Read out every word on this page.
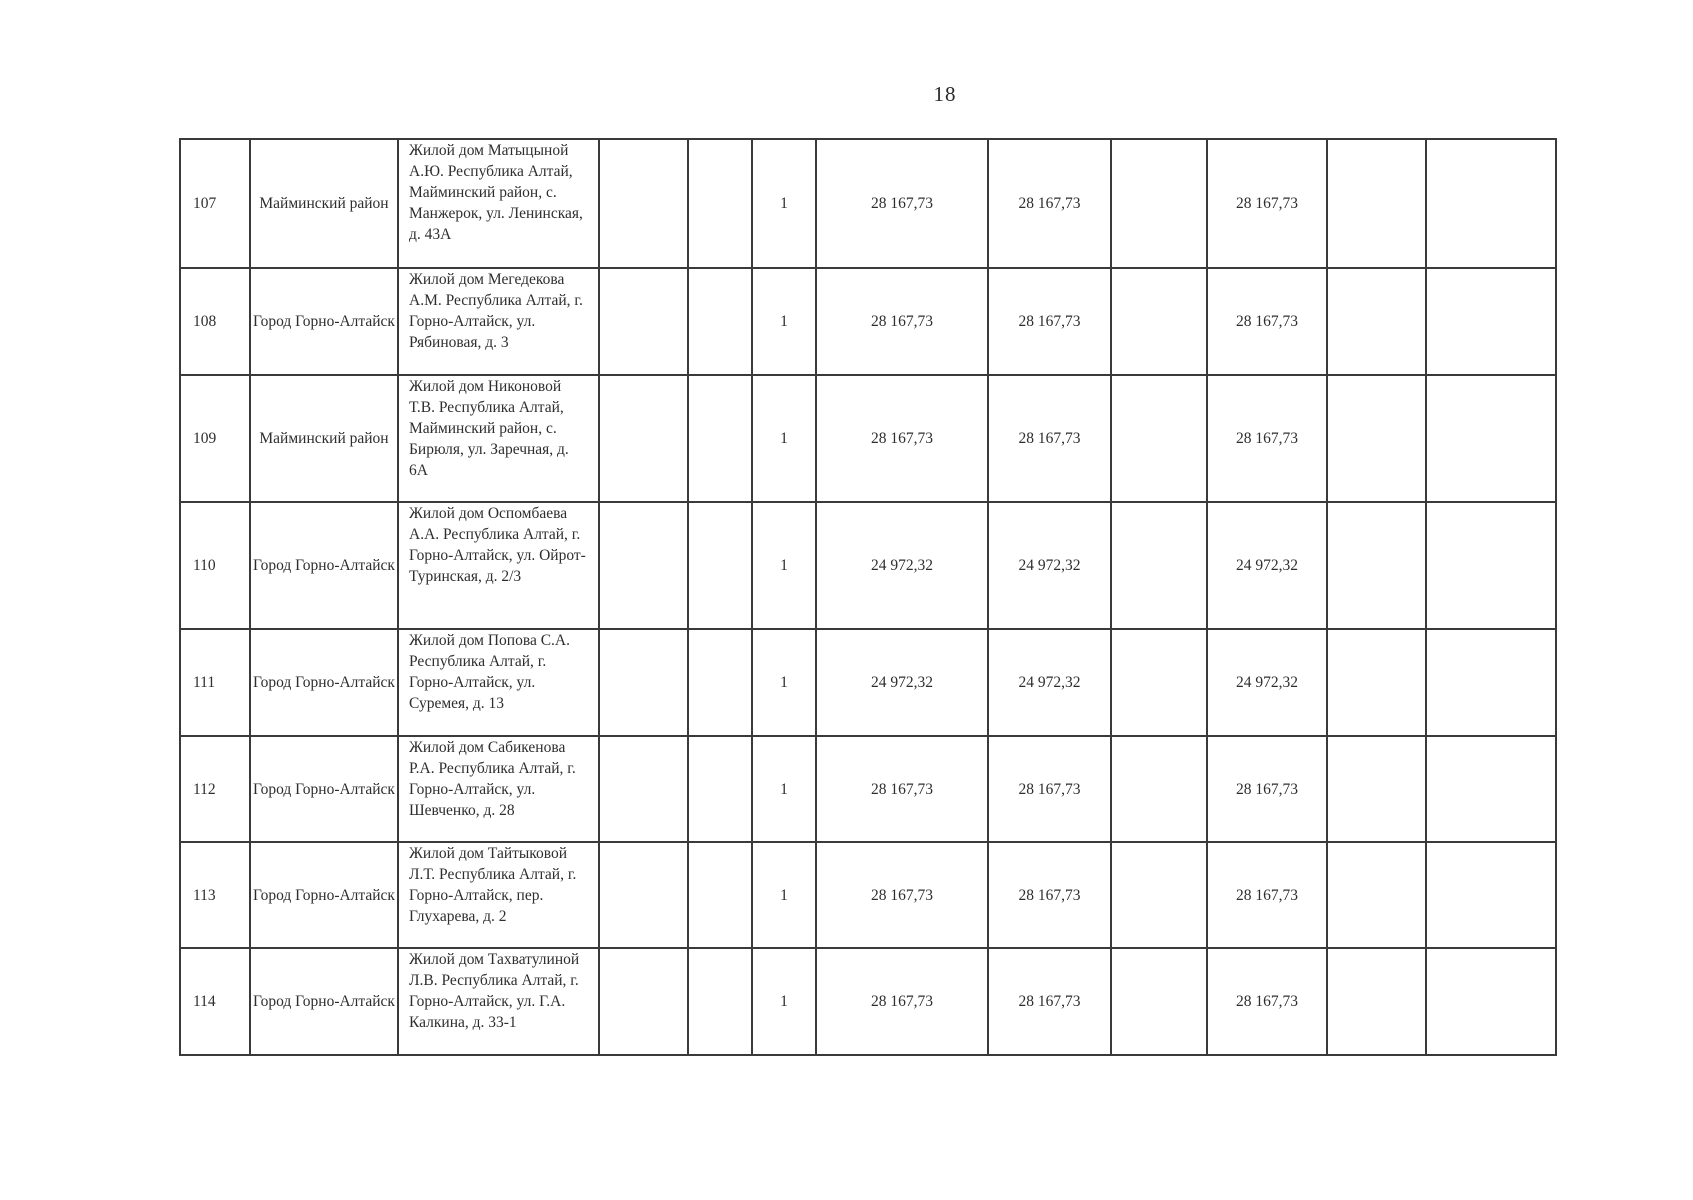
18
107	Майминский район	Жилой дом Матыцыной А.Ю. Республика Алтай, Майминский район, с. Манжерок, ул. Ленинская, д. 43А			1	28 167,73	28 167,73		28 167,73		
108	Город Горно-Алтайск	Жилой дом Мегедекова А.М. Республика Алтай, г. Горно-Алтайск, ул. Рябиновая, д. 3			1	28 167,73	28 167,73		28 167,73		
109	Майминский район	Жилой дом Никоновой Т.В. Республика Алтай, Майминский район, с. Бирюля, ул. Заречная, д. 6А			1	28 167,73	28 167,73		28 167,73		
110	Город Горно-Алтайск	Жилой дом Оспомбаева А.А. Республика Алтай, г. Горно-Алтайск, ул. Ойрот-Туринская, д. 2/3			1	24 972,32	24 972,32		24 972,32		
111	Город Горно-Алтайск	Жилой дом Попова С.А. Республика Алтай, г. Горно-Алтайск, ул. Суремея, д. 13			1	24 972,32	24 972,32		24 972,32		
112	Город Горно-Алтайск	Жилой дом Сабикенова Р.А. Республика Алтай, г. Горно-Алтайск, ул. Шевченко, д. 28			1	28 167,73	28 167,73		28 167,73		
113	Город Горно-Алтайск	Жилой дом Тайтыковой Л.Т. Республика Алтай, г. Горно-Алтайск, пер. Глухарева, д. 2			1	28 167,73	28 167,73		28 167,73		
114	Город Горно-Алтайск	Жилой дом Тахватулиной Л.В. Республика Алтай, г. Горно-Алтайск, ул. Г.А. Калкина, д. 33-1			1	28 167,73	28 167,73		28 167,73		
